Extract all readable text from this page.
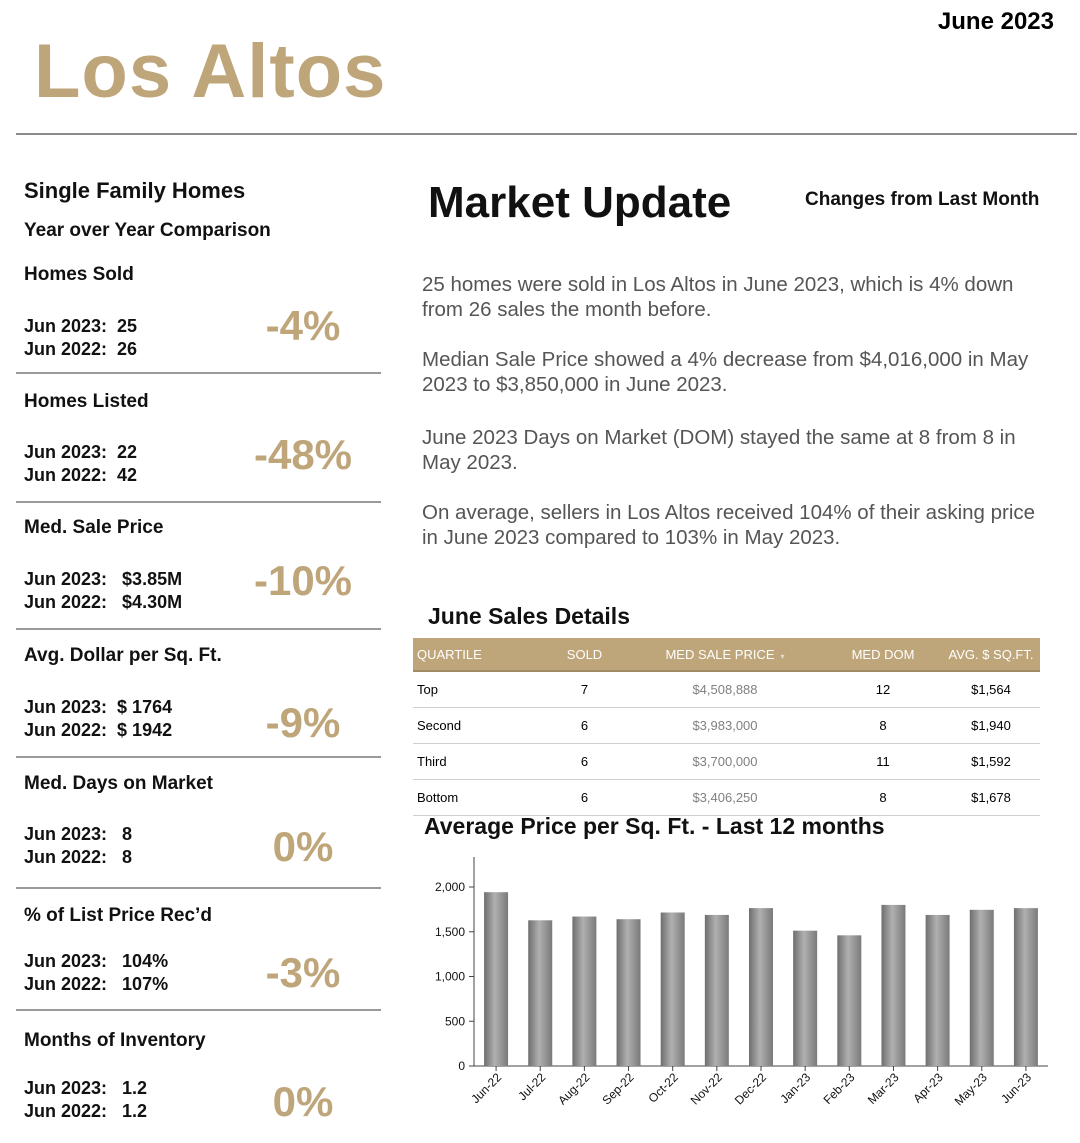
June 2023
Los Altos
Single Family Homes
Year over Year Comparison
Homes Sold
Jun 2023:  25
Jun 2022:  26	-4%
Homes Listed
Jun 2023:  22
Jun 2022:  42	-48%
Med. Sale Price
Jun 2023:   $3.85M
Jun 2022:   $4.30M	-10%
Avg. Dollar per Sq. Ft.
Jun 2023:  $ 1764
Jun 2022:  $ 1942	-9%
Med. Days on Market
Jun 2023:   8
Jun 2022:   8	0%
% of List Price Rec’d
Jun 2023:   104%
Jun 2022:   107%	-3%
Months of Inventory
Jun 2023:   1.2
Jun 2022:   1.2	0%
Market Update	Changes from Last Month
25 homes were sold in Los Altos in June 2023, which is 4% down from 26 sales the month before.
Median Sale Price showed a 4% decrease from $4,016,000 in May 2023 to $3,850,000 in June 2023.
June 2023 Days on Market (DOM) stayed the same at 8 from 8 in May 2023.
On average, sellers in Los Altos received 104% of their asking price in June 2023 compared to 103% in May 2023.
June Sales Details
QUARTILE	SOLD	MED SALE PRICE ▾	MED DOM	AVG. $ SQ.FT.
Top	7	$4,508,888	12	$1,564
Second	6	$3,983,000	8	$1,940
Third	6	$3,700,000	11	$1,592
Bottom	6	$3,406,250	8	$1,678
Average Price per Sq. Ft. - Last 12 months
0
500
1,000
1,500
2,000
Jun-22 Jul-22 Aug-22 Sep-22 Oct-22 Nov-22 Dec-22 Jan-23 Feb-23 Mar-23 Apr-23 May-23 Jun-23
